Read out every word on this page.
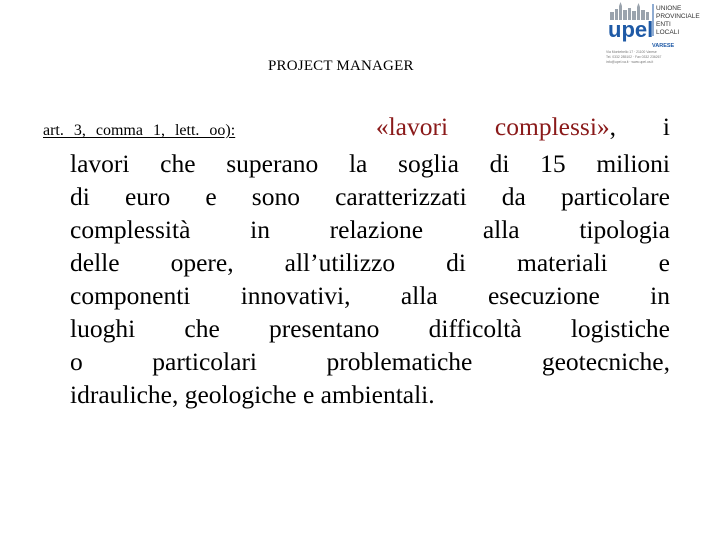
PROJECT MANAGER
upel
UNIONE
PROVINCIALE
ENTI
LOCALI
VARESE
Via Montebello 17 · 21100 Varese
Tel. 0332 285102 · Fax 0332 236267
info@upel.va.it · www.upel.va.it
art. 3, comma 1, lett. oo):	«lavori complessi», i
lavori che superano la soglia di 15 milioni
di euro e sono caratterizzati da particolare
complessità in relazione alla tipologia
delle opere, all’utilizzo di materiali e
componenti innovativi, alla esecuzione in
luoghi che presentano difficoltà logistiche
o particolari problematiche geotecniche,
idrauliche, geologiche e ambientali.
